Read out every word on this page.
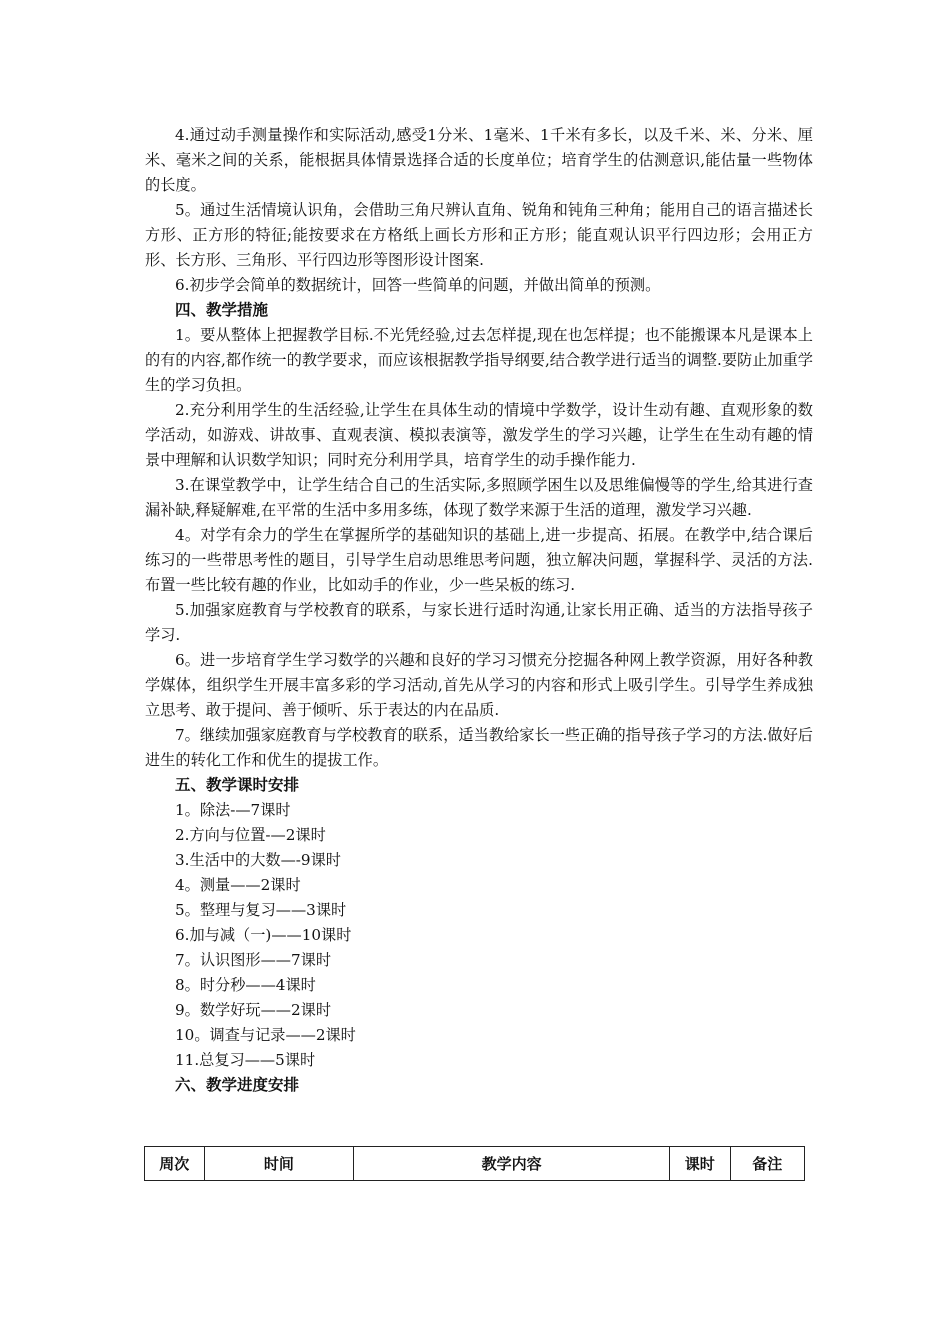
4.通过动手测量操作和实际活动,感受1分米、1毫米、1千米有多长，以及千米、米、分米、厘米、毫米之间的关系，能根据具体情景选择合适的长度单位；培育学生的估测意识,能估量一些物体的长度。

5。通过生活情境认识角，会借助三角尺辨认直角、锐角和钝角三种角；能用自己的语言描述长方形、正方形的特征;能按要求在方格纸上画长方形和正方形；能直观认识平行四边形；会用正方形、长方形、三角形、平行四边形等图形设计图案.

6.初步学会简单的数据统计，回答一些简单的问题，并做出简单的预测。

四、教学措施

1。要从整体上把握教学目标.不光凭经验,过去怎样提,现在也怎样提；也不能搬课本凡是课本上的有的内容,都作统一的教学要求，而应该根据教学指导纲要,结合教学进行适当的调整.要防止加重学生的学习负担。

2.充分利用学生的生活经验,让学生在具体生动的情境中学数学，设计生动有趣、直观形象的数学活动，如游戏、讲故事、直观表演、模拟表演等，激发学生的学习兴趣，让学生在生动有趣的情景中理解和认识数学知识；同时充分利用学具，培育学生的动手操作能力.

3.在课堂教学中，让学生结合自己的生活实际,多照顾学困生以及思维偏慢等的学生,给其进行查漏补缺,释疑解难,在平常的生活中多用多练，体现了数学来源于生活的道理，激发学习兴趣.

4。对学有余力的学生在掌握所学的基础知识的基础上,进一步提高、拓展。在教学中,结合课后练习的一些带思考性的题目，引导学生启动思维思考问题，独立解决问题，掌握科学、灵活的方法.布置一些比较有趣的作业，比如动手的作业，少一些呆板的练习.

5.加强家庭教育与学校教育的联系，与家长进行适时沟通,让家长用正确、适当的方法指导孩子学习.

6。进一步培育学生学习数学的兴趣和良好的学习习惯充分挖掘各种网上教学资源，用好各种教学媒体，组织学生开展丰富多彩的学习活动,首先从学习的内容和形式上吸引学生。引导学生养成独立思考、敢于提问、善于倾听、乐于表达的内在品质.

7。继续加强家庭教育与学校教育的联系，适当教给家长一些正确的指导孩子学习的方法.做好后进生的转化工作和优生的提拔工作。

五、教学课时安排

1。除法-—7课时

2.方向与位置-—2课时

3.生活中的大数—-9课时

4。测量——2课时

5。整理与复习——3课时

6.加与减（一)——10课时

7。认识图形——7课时

8。时分秒——4课时

9。数学好玩——2课时

10。调查与记录——2课时

11.总复习——5课时

六、教学进度安排
周次	时间	教学内容	课时	备注
